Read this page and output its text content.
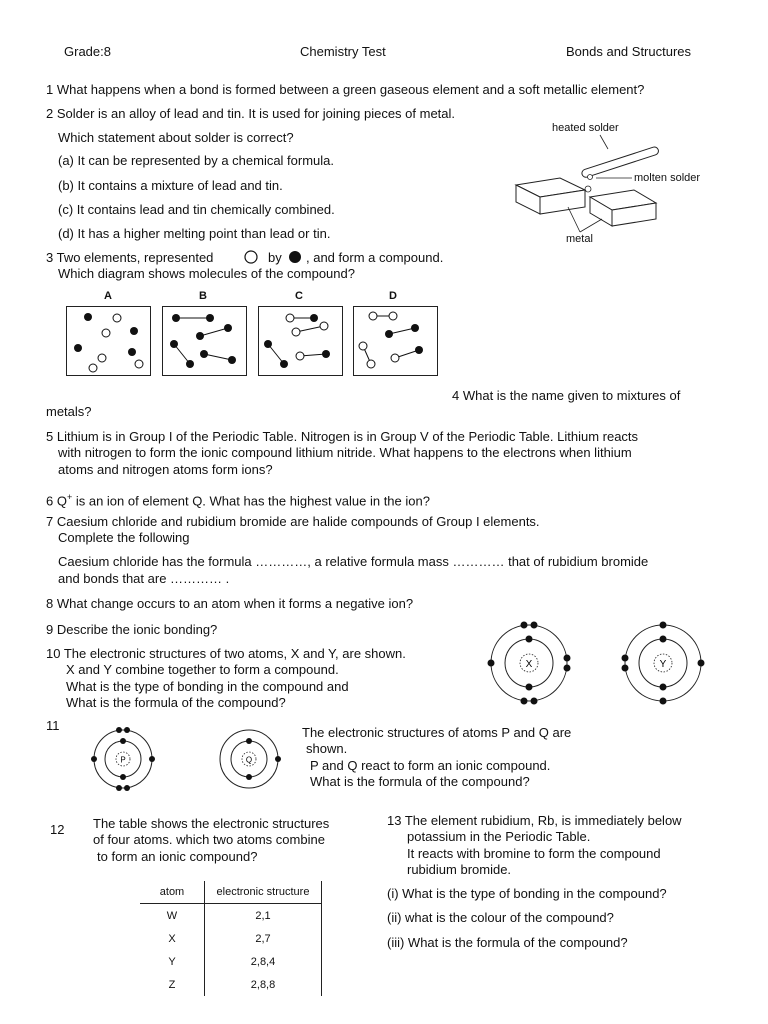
Grade:8	Chemistry Test	Bonds and Structures
1 What happens when a bond is formed between a green gaseous element and a soft metallic element?
2 Solder is an alloy of lead and tin. It is used for joining pieces of metal.
Which statement about solder is correct?
(a) It can be represented by a chemical formula.
(b) It contains a mixture of lead and tin.
(c) It contains lead and tin chemically combined.
(d) It has a higher melting point than lead or tin.
heated solder
molten solder
metal
3 Two elements, represented	by , and form a compound.
Which diagram shows molecules of the compound?
A	B	C	D
4 What is the name given to mixtures of
metals?
5 Lithium is in Group I of the Periodic Table. Nitrogen is in Group V of the Periodic Table. Lithium reacts
with nitrogen to form the ionic compound lithium nitride. What happens to the electrons when lithium
atoms and nitrogen atoms form ions?
6 Q+ is an ion of element Q. What has the highest value in the ion?
7 Caesium chloride and rubidium bromide are halide compounds of Group I elements.
Complete the following
Caesium chloride has the formula …………, a relative formula mass ………… that of rubidium bromide
and bonds that are ………… .
8 What change occurs to an atom when it forms a negative ion?
9 Describe the ionic bonding?
10 The electronic structures of two atoms, X and Y, are shown.
X and Y combine together to form a compound.
What is the type of bonding in the compound and
What is the formula of the compound?
X	Y
11	The electronic structures of atoms P and Q are
shown.
P and Q react to form an ionic compound.
What is the formula of the compound?
P	Q
12 The table shows the electronic structures
of four atoms. which two atoms combine
to form an ionic compound?
atom	electronic structure
W	2,1
X	2,7
Y	2,8,4
Z	2,8,8
13 The element rubidium, Rb, is immediately below
potassium in the Periodic Table.
It reacts with bromine to form the compound
rubidium bromide.
(i) What is the type of bonding in the compound?
(ii) what is the colour of the compound?
(iii) What is the formula of the compound?
